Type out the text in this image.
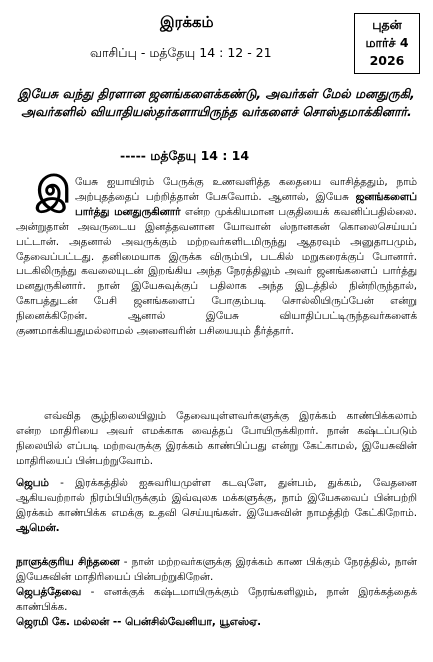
இரக்கம்
வாசிப்பு - மத்தேயு 14 : 12 - 21
புதன்
மார்ச் 4
2026
இயேசு வந்து திரளான ஜனங்களைக்கண்டு, அவர்கள் மேல் மனதுருகி, அவர்களில் வியாதியஸ்தர்களாயிருந்த வர்களைச் சொஸ்தமாக்கினார்.
----- மத்தேயு 14 : 14
இயேசு ஐயாயிரம் பேருக்கு உணவளித்த கதையை வாசித்ததும், நாம் அற்புதத்தைப் பற்றித்தான் பேசுவோம். ஆனால், இயேசு ஜனங்களைப் பார்த்து மனதுருகினார் என்ற முக்கியமான பகுதியைக் கவனிப்பதில்லை. அன்றுதான் அவருடைய இனத்தவனான யோவான் ஸ்நானகன் கொலைசெய்யப் பட்டான். அதனால் அவருக்கும் மற்றவர்களிடமிருந்து ஆதரவும் அனுதாபமும், தேவைப்பட்டது. தனிமையாக இருக்க விரும்பி, படகில் மறுகரைக்குப் போனார். படகிலிருந்து கவலையுடன் இறங்கிய அந்த நேரத்திலும் அவர் ஜனங்களைப் பார்த்து மனதுருகினார். நான் இயேசுவுக்குப் பதிலாக அந்த இடத்தில் நின்றிருந்தால், கோபத்துடன் பேசி ஜனங்களைப் போகும்படி சொல்லியிருப்பேன் என்று நினைக்கிறேன். ஆனால் இயேசு வியாதிப்பட்டிருந்தவர்களைக் குணமாக்கியதுமல்லாமல் அனைவரின் பசியையும் தீர்த்தார்.
எவ்வித சூழ்நிலையிலும் தேவையுள்ளவர்களுக்கு இரக்கம் காண்பிக்கலாம் என்ற மாதிரியை அவர் எமக்காக வைத்தப் போயிருக்கிறார். நான் கஷ்டப்படும் நிலையில் எப்படி மற்றவருக்கு இரக்கம் காண்பிப்பது என்று கேட்காமல், இயேசுவின் மாதிரியைப் பின்பற்றுவோம்.
ஜெபம் - இரக்கத்தில் ஐசுவரியமுள்ள கடவுளே, துன்பம், துக்கம், வேதனை ஆகியவற்றால் நிரம்பியிருக்கும் இவ்வுலக மக்களுக்கு, நாம் இயேசுவைப் பின்பற்றி இரக்கம் காண்பிக்க எமக்கு உதவி செய்யுங்கள். இயேசுவின் நாமத்திற் கேட்கிறோம். ஆமென்.
நாளுக்குரிய சிந்தனை - நான் மற்றவர்களுக்கு இரக்கம் காண பிக்கும் நேரத்தில், நான் இயேசுவின் மாதிரியைப் பின்பற்றுகிறேன்.
ஜெபத்தேவை - எனக்குக் கஷ்டமாயிருக்கும் நேரங்களிலும், நான் இரக்கத்தைக் காண்பிக்க.
ஜெரமி கே. மல்லன் -- பென்சில்வேனியா, யூஎஸ்ஏ.
